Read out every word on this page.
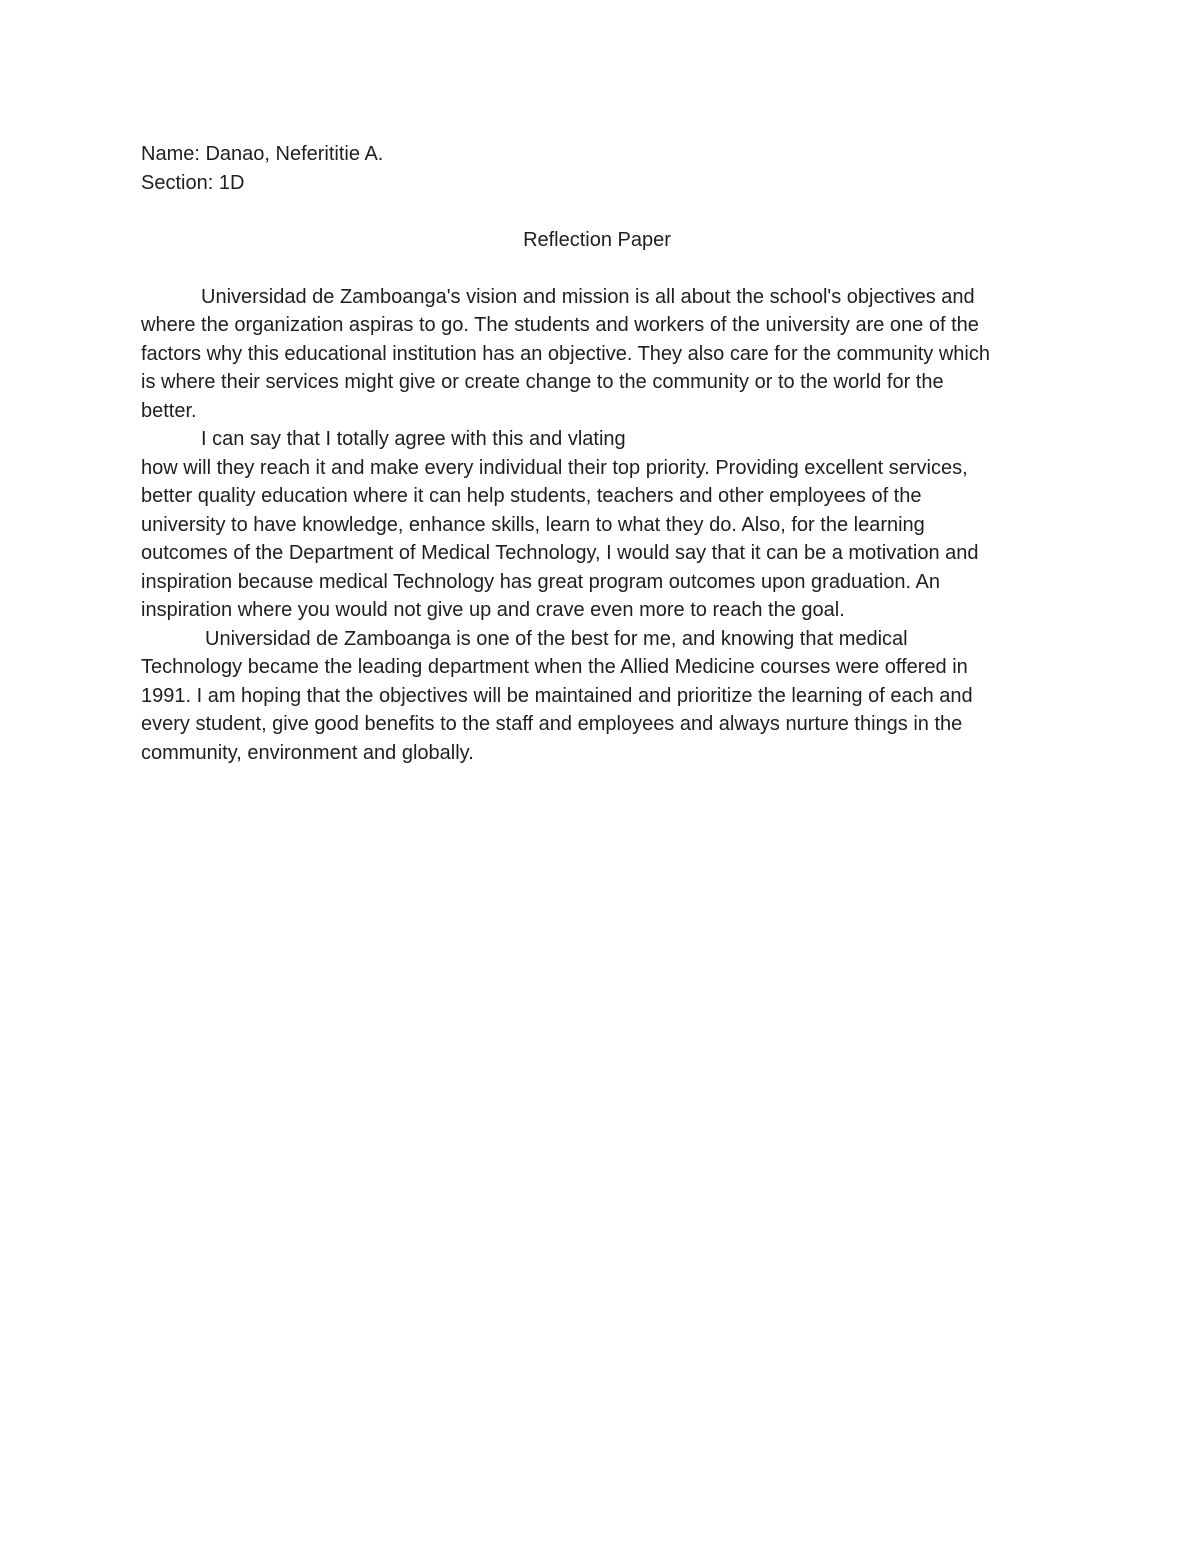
Name: Danao, Neferititie A.
Section: 1D
Reflection Paper
Universidad de Zamboanga's vision and mission is all about the school's objectives and
where the organization aspiras to go. The students and workers of the university are one of the
factors why this educational institution has an objective. They also care for the community which
is where their services might give or create change to the community or to the world for the
better.
I can say that I totally agree with this and vlating
how will they reach it and make every individual their top priority. Providing excellent services,
better quality education where it can help students, teachers and other employees of the
university to have knowledge, enhance skills, learn to what they do. Also, for the learning
outcomes of the Department of Medical Technology, I would say that it can be a motivation and
inspiration because medical Technology has great program outcomes upon graduation. An
inspiration where you would not give up and crave even more to reach the goal.
Universidad de Zamboanga is one of the best for me, and knowing that medical
Technology became the leading department when the Allied Medicine courses were offered in
1991. I am hoping that the objectives will be maintained and prioritize the learning of each and
every student, give good benefits to the staff and employees and always nurture things in the
community, environment and globally.
